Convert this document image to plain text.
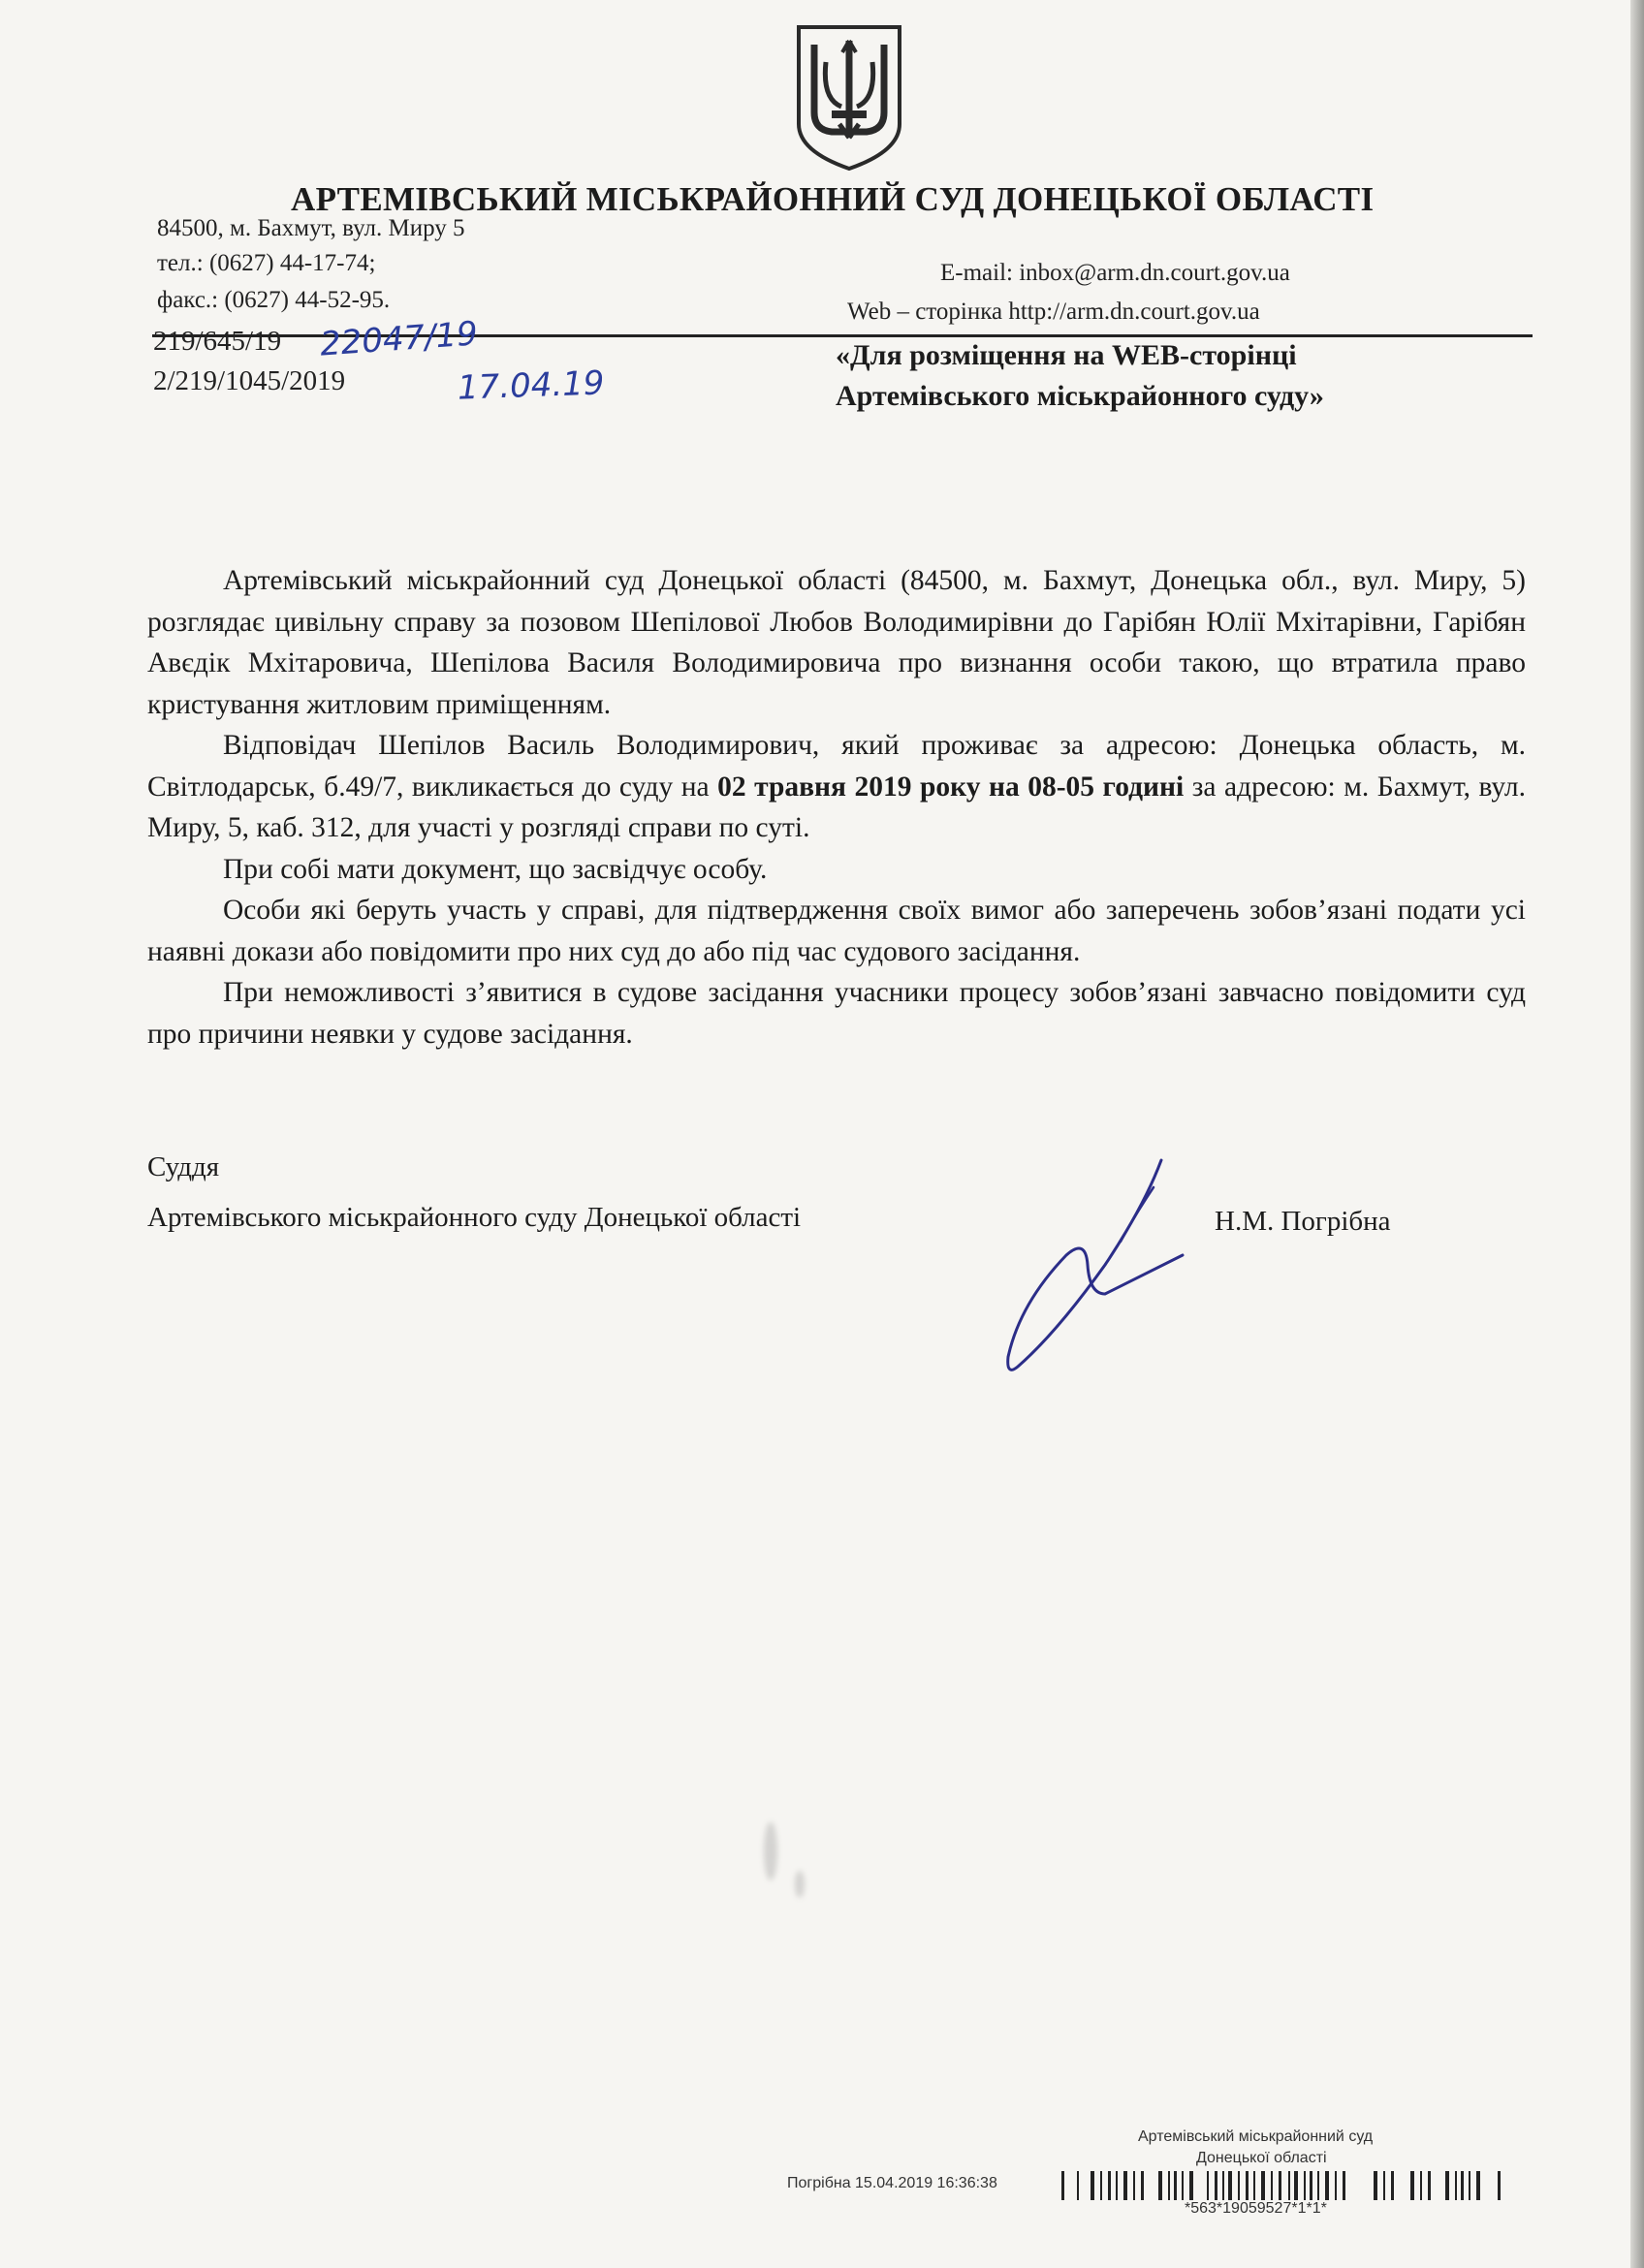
АРТЕМІВСЬКИЙ МІСЬКРАЙОННИЙ СУД ДОНЕЦЬКОЇ ОБЛАСТІ
84500, м. Бахмут, вул. Миру 5
тел.: (0627) 44-17-74;
факс.: (0627) 44-52-95.
E-mail: inbox@arm.dn.court.gov.ua
Web – сторінка http://arm.dn.court.gov.ua
219/645/19
2/219/1045/2019
22047/19
17.04.19
«Для розміщення на WEB-сторінці
Артемівського міськрайонного суду»

Артемівський міськрайонний суд Донецької області (84500, м. Бахмут, Донецька обл., вул. Миру, 5) розглядає цивільну справу за позовом Шепілової Любов Володимирівни до Гарібян Юлії Мхітарівни, Гарібян Авєдік Мхітаровича, Шепілова Василя Володимировича про визнання особи такою, що втратила право кристування житловим приміщенням.

Відповідач Шепілов Василь Володимирович, який проживає за адресою: Донецька область, м. Світлодарськ, б.49/7, викликається до суду на 02 травня 2019 року на 08-05 годині за адресою: м. Бахмут, вул. Миру, 5, каб. 312, для участі у розгляді справи по суті.

При собі мати документ, що засвідчує особу.

Особи які беруть участь у справі, для підтвердження своїх вимог або заперечень зобов’язані подати усі наявні докази або повідомити про них суд до або під час судового засідання.

При неможливості з’явитися в судове засідання учасники процесу зобов’язані завчасно повідомити суд про причини неявки у судове засідання.

Суддя
Артемівського міськрайонного суду Донецької області	Н.М. Погрібна
Артемівський міськрайонний суд
Донецької області
Погрібна 15.04.2019 16:36:38
*563*19059527*1*1*
